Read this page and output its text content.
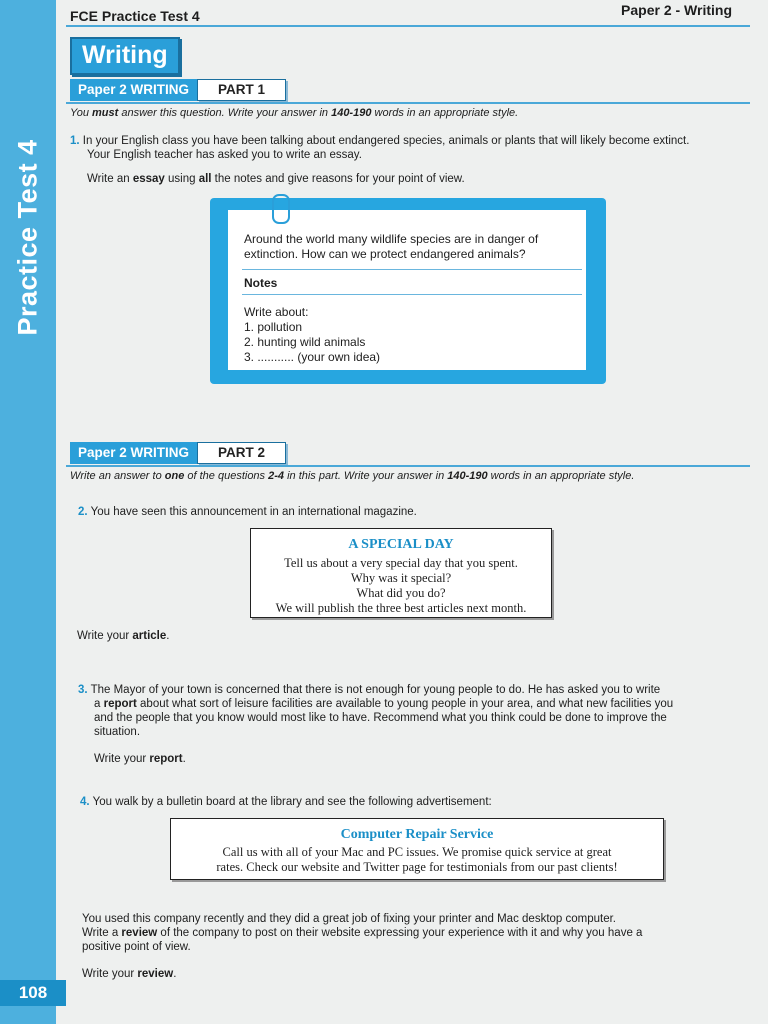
Practice Test 4
108
FCE Practice Test 4	Paper 2 - Writing
Writing
Paper 2 WRITING	PART 1
You must answer this question. Write your answer in 140-190 words in an appropriate style.
1. In your English class you have been talking about endangered species, animals or plants that will likely become extinct.
Your English teacher has asked you to write an essay.
Write an essay using all the notes and give reasons for your point of view.
Around the world many wildlife species are in danger of
extinction. How can we protect endangered animals?
Notes
Write about:
1. pollution
2. hunting wild animals
3. ........... (your own idea)
Paper 2 WRITING	PART 2
Write an answer to one of the questions 2-4 in this part. Write your answer in 140-190 words in an appropriate style.
2. You have seen this announcement in an international magazine.
A SPECIAL DAY
Tell us about a very special day that you spent.
Why was it special?
What did you do?
We will publish the three best articles next month.
Write your article.
3. The Mayor of your town is concerned that there is not enough for young people to do. He has asked you to write
a report about what sort of leisure facilities are available to young people in your area, and what new facilities you
and the people that you know would most like to have. Recommend what you think could be done to improve the
situation.
Write your report.
4. You walk by a bulletin board at the library and see the following advertisement:
Computer Repair Service
Call us with all of your Mac and PC issues. We promise quick service at great
rates. Check our website and Twitter page for testimonials from our past clients!
You used this company recently and they did a great job of fixing your printer and Mac desktop computer.
Write a review of the company to post on their website expressing your experience with it and why you have a
positive point of view.
Write your review.
